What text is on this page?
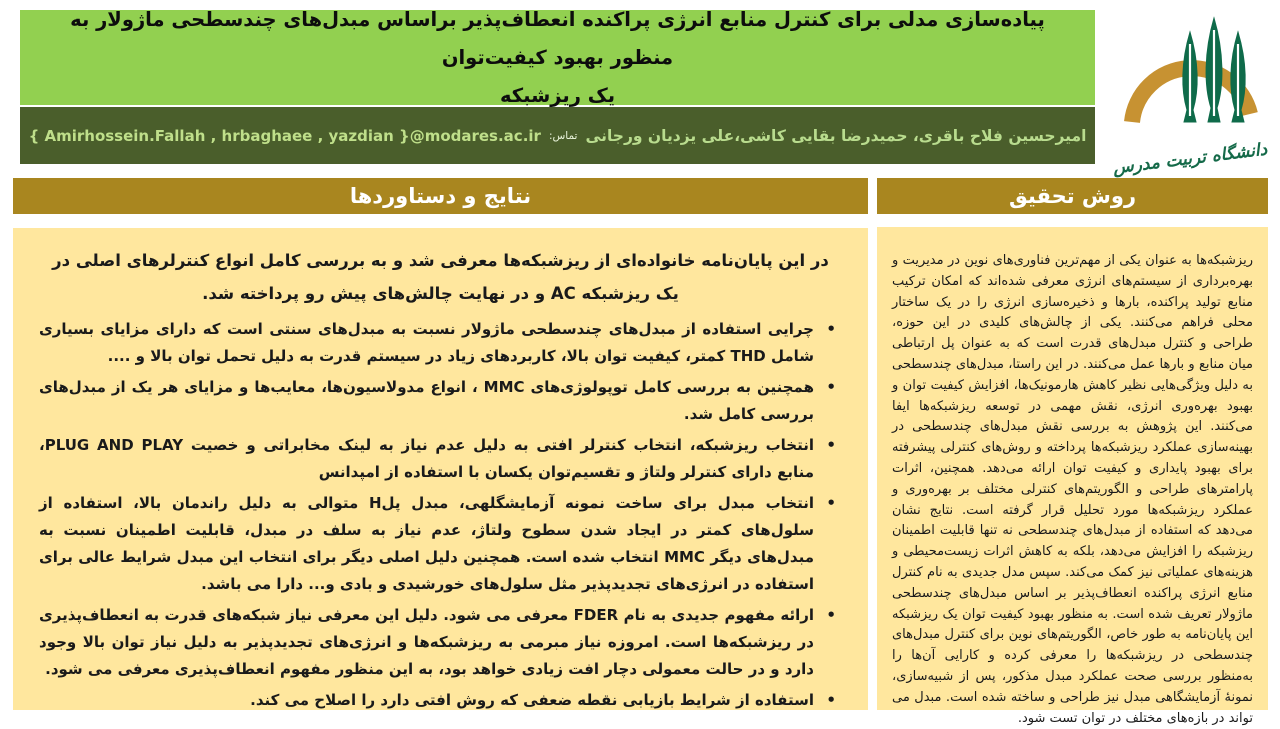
پیاده‌سازی مدلی برای کنترل منابع انرژی پراکنده انعطاف‌پذیر براساس مبدل‌های چندسطحی ماژولار به منظور بهبود کیفیت‌توان
یک ریزشبکه
امیرحسین فلاح باقری، حمیدرضا بقایی کاشی،علی یزدیان ورجانی
تماس:
{ Amirhossein.Fallah , hrbaghaee , yazdian }@modares.ac.ir
دانشگاه تربیت مدرس
نتایج و دستاوردها

در این پایان‌نامه خانواده‌ای از ریزشبکه‌ها معرفی شد و به بررسی کامل انواع کنترلرهای اصلی در یک ریزشبکه AC و در نهایت چالش‌های پیش رو پرداخته شد.

• چرایی استفاده از مبدل‌های چندسطحی ماژولار نسبت به مبدل‌های سنتی است که دارای مزایای بسیاری شامل THD کمتر، کیفیت توان بالا، کاربردهای زیاد در سیستم قدرت به دلیل تحمل توان بالا و ....
• همچنین به بررسی کامل توپولوژی‌های MMC ، انواع مدولاسیون‌ها، معایب‌ها و مزایای هر یک از مبدل‌های بررسی کامل شد.
• انتخاب ریزشبکه، انتخاب کنترلر افتی به دلیل عدم نیاز به لینک مخابراتی و خصیت PLUG AND PLAY، منابع دارای کنترلر ولتاژ و تقسیم‌توان یکسان با استفاده از امپدانس
• انتخاب مبدل برای ساخت نمونه آزمایشگلهی، مبدل پلH متوالی به دلیل راندمان بالا، استفاده از سلول‌های کمتر در ایجاد شدن سطوح ولتاژ، عدم نیاز به سلف در مبدل، قابلیت اطمینان نسبت به مبدل‌های دیگر MMC انتخاب شده است. همچنین دلیل اصلی دیگر برای انتخاب این مبدل شرایط عالی برای استفاده در انرژی‌های تجدیدپذیر مثل سلول‌های خورشیدی و بادی و... دارا می باشد.
• ارائه مفهوم جدیدی به نام FDER معرفی می شود. دلیل این معرفی نیاز شبکه‌های قدرت به انعطاف‌پذیری در ریزشبکه‌ها است. امروزه نیاز مبرمی به ریزشبکه‌ها و انرژی‌های تجدیدپذیر به دلیل نیاز توان بالا وجود دارد و در حالت معمولی دچار افت زیادی خواهد بود، به این منظور مفهوم انعطاف‌پذیری معرفی می شود.
• استفاده از شرایط بازیابی نقطه ضعفی که روش افتی دارد را اصلاح می کند.
روش تحقیق

ریزشبکه‌ها به عنوان یکی از مهم‌ترین فناوری‌های نوین در مدیریت و بهره‌برداری از سیستم‌های انرژی معرفی شده‌اند که امکان ترکیب منابع تولید پراکنده، بارها و ذخیره‌سازی انرژی را در یک ساختار محلی فراهم می‌کنند. یکی از چالش‌های کلیدی در این حوزه، طراحی و کنترل مبدل‌های قدرت است که به عنوان پل ارتباطی میان منابع و بارها عمل می‌کنند. در این راستا، مبدل‌های چندسطحی به دلیل ویژگی‌هایی نظیر کاهش هارمونیک‌ها، افزایش کیفیت توان و بهبود بهره‌وری انرژی، نقش مهمی در توسعه ریزشبکه‌ها ایفا می‌کنند. این پژوهش به بررسی نقش مبدل‌های چندسطحی در بهینه‌سازی عملکرد ریزشبکه‌ها پرداخته و روش‌های کنترلی پیشرفته برای بهبود پایداری و کیفیت توان ارائه می‌دهد. همچنین، اثرات پارامترهای طراحی و الگوریتم‌های کنترلی مختلف بر بهره‌وری و عملکرد ریزشبکه‌ها مورد تحلیل قرار گرفته است. نتایج نشان می‌دهد که استفاده از مبدل‌های چندسطحی نه تنها قابلیت اطمینان ریزشبکه را افزایش می‌دهد، بلکه به کاهش اثرات زیست‌محیطی و هزینه‌های عملیاتی نیز کمک می‌کند. سپس مدل جدیدی به نام کنترل منابع انرژی پراکنده انعطاف‌پذیر بر اساس مبدل‌های چندسطحی ماژولار تعریف شده است. به منظور بهبود کیفیت توان یک ریزشبکه این پایان‌نامه به طور خاص، الگوریتم‌های نوین برای کنترل مبدل‌های چندسطحی در ریزشبکه‌ها را معرفی کرده و کارایی آن‌ها را به‌منظور بررسی صحت عملکرد مبدل مذکور، پس از شبیه‌سازی، نمونهٔ آزمایشگاهی مبدل نیز طراحی و ساخته شده است. مبدل می تواند در بازه‌های مختلف در توان تست شود.
